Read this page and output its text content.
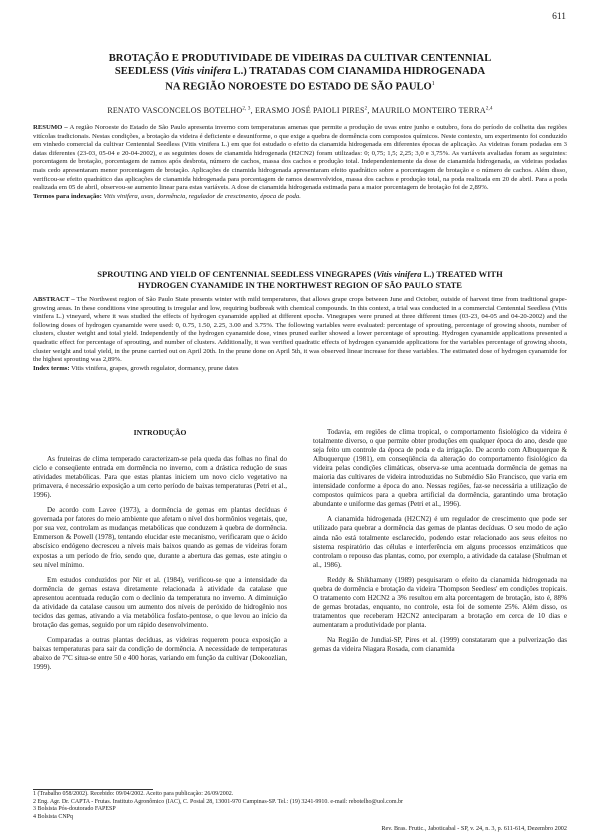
611
BROTAÇÃO E PRODUTIVIDADE DE VIDEIRAS DA CULTIVAR CENTENNIAL
SEEDLESS (Vitis vinifera L.) TRATADAS COM CIANAMIDA HIDROGENADA
NA REGIÃO NOROESTE DO ESTADO DE SÃO PAULO$^1$
RENATO VASCONCELOS BOTELHO$^{2, 3}$, ERASMO JOSÉ PAIOLI PIRES$^2$, MAURILO MONTEIRO TERRA$^{2,4}$
RESUMO – A região Noroeste do Estado de São Paulo apresenta inverno com temperaturas amenas que permite a produção de uvas entre junho e outubro, fora do período de colheita das regiões vitícolas tradicionais. Nestas condições, a brotação da videira é deficiente e desuniforme, o que exige a quebra de dormência com compostos químicos. Neste contexto, um experimento foi conduzido em vinhedo comercial da cultivar Centennial Seedless (Vitis vinifera L.) em que foi estudado o efeito da cianamida hidrogenada em diferentes épocas de aplicação. As videiras foram podadas em 3 datas diferentes (23-03, 05-04 e 20-04-2002), e as seguintes doses de cianamida hidrogenada (H2CN2) foram utilizadas: 0; 0,75; 1,5; 2,25; 3,0 e 3,75%. As variáveis avaliadas foram as seguintes: porcentagem de brotação, porcentagem de ramos após desbrota, número de cachos, massa dos cachos e produção total. Independentemente da dose de cianamida hidrogenada, as videiras podadas mais cedo apresentaram menor porcentagem de brotação. Aplicações de cinamida hidrogenada apresentaram efeito quadrático sobre a porcentagem de brotação e o número de cachos. Além disso, verificou-se efeito quadrático das aplicações de cianamida hidrogenada para porcentagem de ramos desenvolvidos, massa dos cachos e produção total, na poda realizada em 20 de abril. Para a poda realizada em 05 de abril, observou-se aumento linear para estas variáveis. A dose de cianamida hidrogenada estimada para a maior porcentagem de brotação foi de 2,89%.
Termos para indexação: Vitis vinifera, uvas, dormência, regulador de crescimento, época de poda.
SPROUTING AND YIELD OF CENTENNIAL SEEDLESS VINEGRAPES (Vitis vinifera L.) TREATED WITH
HYDROGEN CYANAMIDE IN THE NORTHWEST REGION OF SÃO PAULO STATE
ABSTRACT – The Northwest region of São Paulo State presents winter with mild temperatures, that allows grape crops between June and October, outside of harvest time from traditional grape-growing areas. In these conditions vine sprouting is irregular and low, requiring budbreak with chemical compounds. In this context, a trial was conducted in a commercial Centennial Seedless (Vitis vinifera L.) vineyard, where it was studied the effects of hydrogen cyanamide applied at different epochs. Vinegrapes were pruned at three different times (03-23, 04-05 and 04-20-2002) and the following doses of hydrogen cyanamide were used: 0, 0.75, 1.50, 2.25, 3.00 and 3.75%. The following variables were evaluated: percentage of sprouting, percentage of growing shoots, number of clusters, cluster weight and total yield. Independently of the hydrogen cyanamide dose, vines pruned earlier showed a lower percentage of sprouting. Hydrogen cyanamide applications presented a quadratic effect for percentage of sprouting, and number of clusters. Additionally, it was verified quadratic effects of hydrogen cyanamide applications for the variables percentage of growing shoots, cluster weight and total yield, in the prune carried out on April 20th. In the prune done on April 5th, it was observed linear increase for these variables. The estimated dose of hydrogen cyanamide for the highest sprouting was 2,89%.
Index terms: Vitis vinifera, grapes, growth regulator, dormancy, prune dates

INTRODUÇÃO

As fruteiras de clima temperado caracterizam-se pela queda das folhas no final do ciclo e conseqüente entrada em dormência no inverno, com a drástica redução de suas atividades metabólicas. Para que estas plantas iniciem um novo ciclo vegetativo na primavera, é necessário exposição a um certo período de baixas temperaturas (Petri et al., 1996).

De acordo com Lavee (1973), a dormência de gemas em plantas decíduas é governada por fatores do meio ambiente que afetam o nível dos hormônios vegetais, que, por sua vez, controlam as mudanças metabólicas que conduzem à quebra de dormência. Emmerson & Powell (1978), tentando elucidar este mecanismo, verificaram que o ácido abscísico endógeno decresceu a níveis mais baixos quando as gemas de videiras foram expostas a um período de frio, sendo que, durante a abertura das gemas, este atingiu o seu nível mínimo.

Em estudos conduzidos por Nir et al. (1984), verificou-se que a intensidade da dormência de gemas estava diretamente relacionada à atividade da catalase que apresentou acentuada redução com o declínio da temperatura no inverno. A diminuição da atividade da catalase causou um aumento dos níveis de peróxido de hidrogênio nos tecidos das gemas, ativando a via metabólica fosfato-pentose, o que levou ao início da brotação das gemas, seguido por um rápido desenvolvimento.

Comparadas a outras plantas decíduas, as videiras requerem pouca exposição a baixas temperaturas para sair da condição de dormência. A necessidade de temperaturas abaixo de 7ºC situa-se entre 50 e 400 horas, variando em função da cultivar (Dokoozlian, 1999).

Todavia, em regiões de clima tropical, o comportamento fisiológico da videira é totalmente diverso, o que permite obter produções em qualquer época do ano, desde que seja feito um controle da época de poda e da irrigação. De acordo com Albuquerque & Albuquerque (1981), em conseqüência da alteração do comportamento fisiológico da videira pelas condições climáticas, observa-se uma acentuada dormência de gemas na maioria das cultivares de videira introduzidas no Submédio São Francisco, que varia em intensidade conforme a época do ano. Nessas regiões, faz-se necessária a utilização de compostos químicos para a quebra artificial da dormência, garantindo uma brotação abundante e uniforme das gemas (Petri et al., 1996).

A cianamida hidrogenada (H2CN2) é um regulador de crescimento que pode ser utilizado para quebrar a dormência das gemas de plantas decíduas. O seu modo de ação ainda não está totalmente esclarecido, podendo estar relacionado aos seus efeitos no sistema respiratório das células e interferência em alguns processos enzimáticos que controlam o repouso das plantas, como, por exemplo, a atividade da catalase (Shulman et al., 1986).

Reddy & Shikhamany (1989) pesquisaram o efeito da cianamida hidrogenada na quebra de dormência e brotação da videira 'Thompson Seedless' em condições tropicais. O tratamento com H2CN2 a 3% resultou em alta porcentagem de brotação, isto é, 88% de gemas brotadas, enquanto, no controle, esta foi de somente 25%. Além disso, os tratamentos que receberam H2CN2 anteciparam a brotação em cerca de 10 dias e aumentaram a produtividade por planta.

Na Região de Jundiaí-SP, Pires et al. (1999) constataram que a pulverização das gemas da videira Niagara Rosada, com cianamida

1 (Trabalho 058/2002). Recebido: 09/04/2002. Aceito para publicação: 26/09/2002.
2 Eng. Agr. Dr. CAPTA - Frutas. Instituto Agronômico (IAC), C. Postal 28, 13001-970 Campinas-SP. Tel.: (19) 3241-9910. e-mail: rebotelho@uol.com.br
3 Bolsista Pós-doutorado FAPESP
4 Bolsista CNPq
Rev. Bras. Frutic., Jaboticabal - SP, v. 24, n. 3, p. 611-614, Dezembro 2002
